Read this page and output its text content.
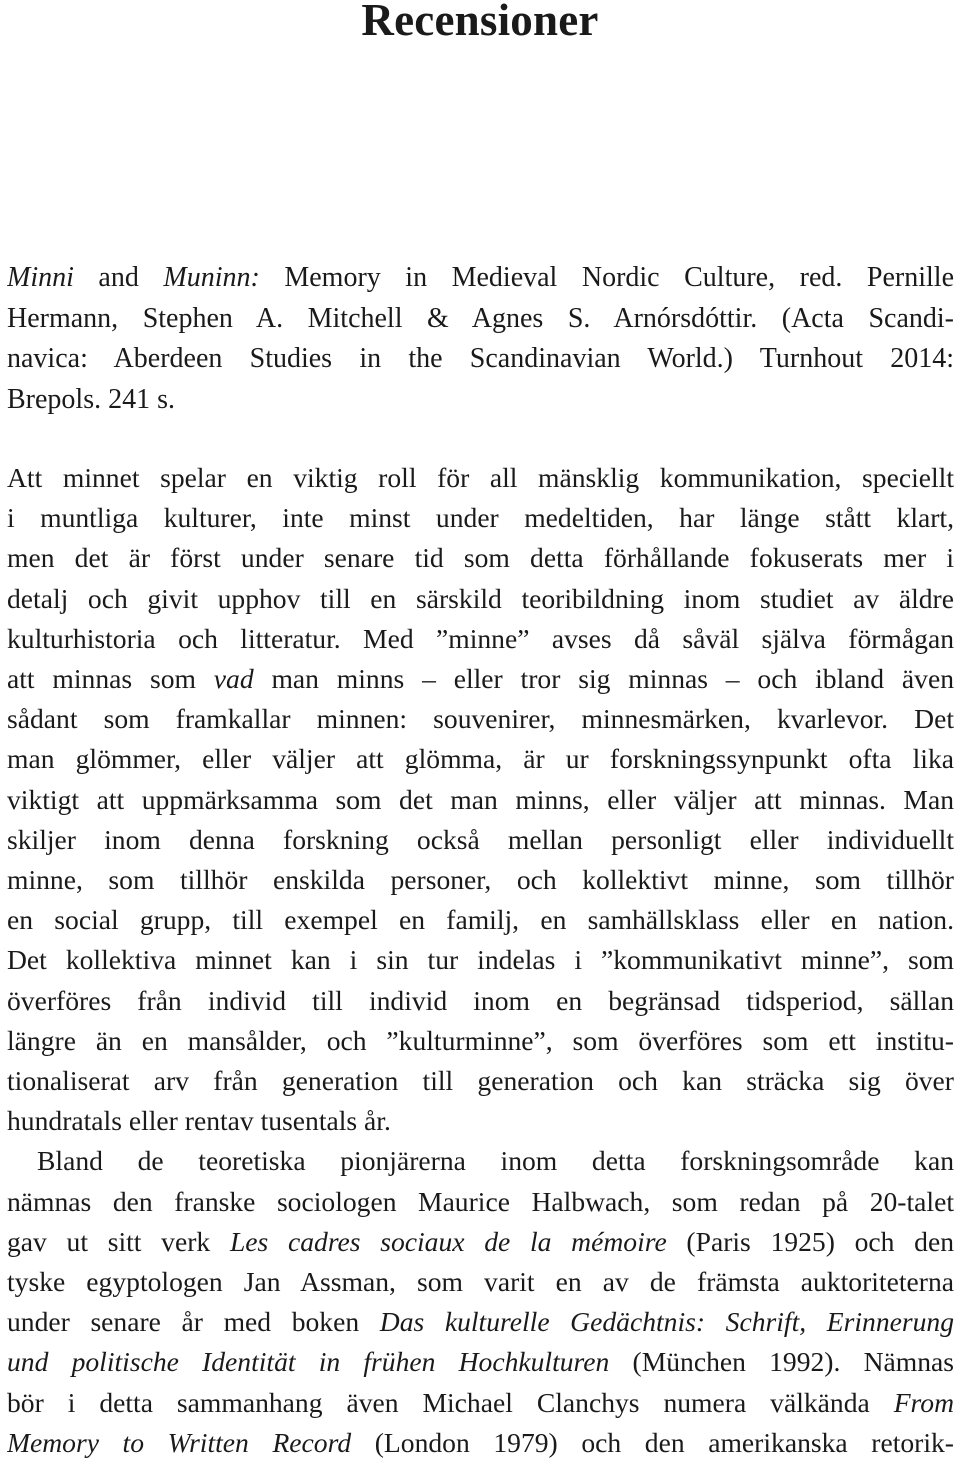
Recensioner
Minni and Muninn: Memory in Medieval Nordic Culture, red. Pernille
Hermann, Stephen A. Mitchell & Agnes S. Arnórsdóttir. (Acta Scandi-
navica: Aberdeen Studies in the Scandinavian World.) Turnhout 2014:
Brepols. 241 s.
Att minnet spelar en viktig roll för all mänsklig kommunikation, speciellt
i muntliga kulturer, inte minst under medeltiden, har länge stått klart,
men det är först under senare tid som detta förhållande fokuserats mer i
detalj och givit upphov till en särskild teoribildning inom studiet av äldre
kulturhistoria och litteratur. Med ”minne” avses då såväl själva förmågan
att minnas som vad man minns – eller tror sig minnas – och ibland även
sådant som framkallar minnen: souvenirer, minnesmärken, kvarlevor. Det
man glömmer, eller väljer att glömma, är ur forskningssynpunkt ofta lika
viktigt att uppmärksamma som det man minns, eller väljer att minnas. Man
skiljer inom denna forskning också mellan personligt eller individuellt
minne, som tillhör enskilda personer, och kollektivt minne, som tillhör
en social grupp, till exempel en familj, en samhällsklass eller en nation.
Det kollektiva minnet kan i sin tur indelas i ”kommunikativt minne”, som
överföres från individ till individ inom en begränsad tidsperiod, sällan
längre än en mansålder, och ”kulturminne”, som överföres som ett institu-
tionaliserat arv från generation till generation och kan sträcka sig över
hundratals eller rentav tusentals år.
Bland de teoretiska pionjärerna inom detta forskningsområde kan
nämnas den franske sociologen Maurice Halbwach, som redan på 20-talet
gav ut sitt verk Les cadres sociaux de la mémoire (Paris 1925) och den
tyske egyptologen Jan Assman, som varit en av de främsta auktoriteterna
under senare år med boken Das kulturelle Gedächtnis: Schrift, Erinnerung
und politische Identität in frühen Hochkulturen (München 1992). Nämnas
bör i detta sammanhang även Michael Clanchys numera välkända From
Memory to Written Record (London 1979) och den amerikanska retorik-
